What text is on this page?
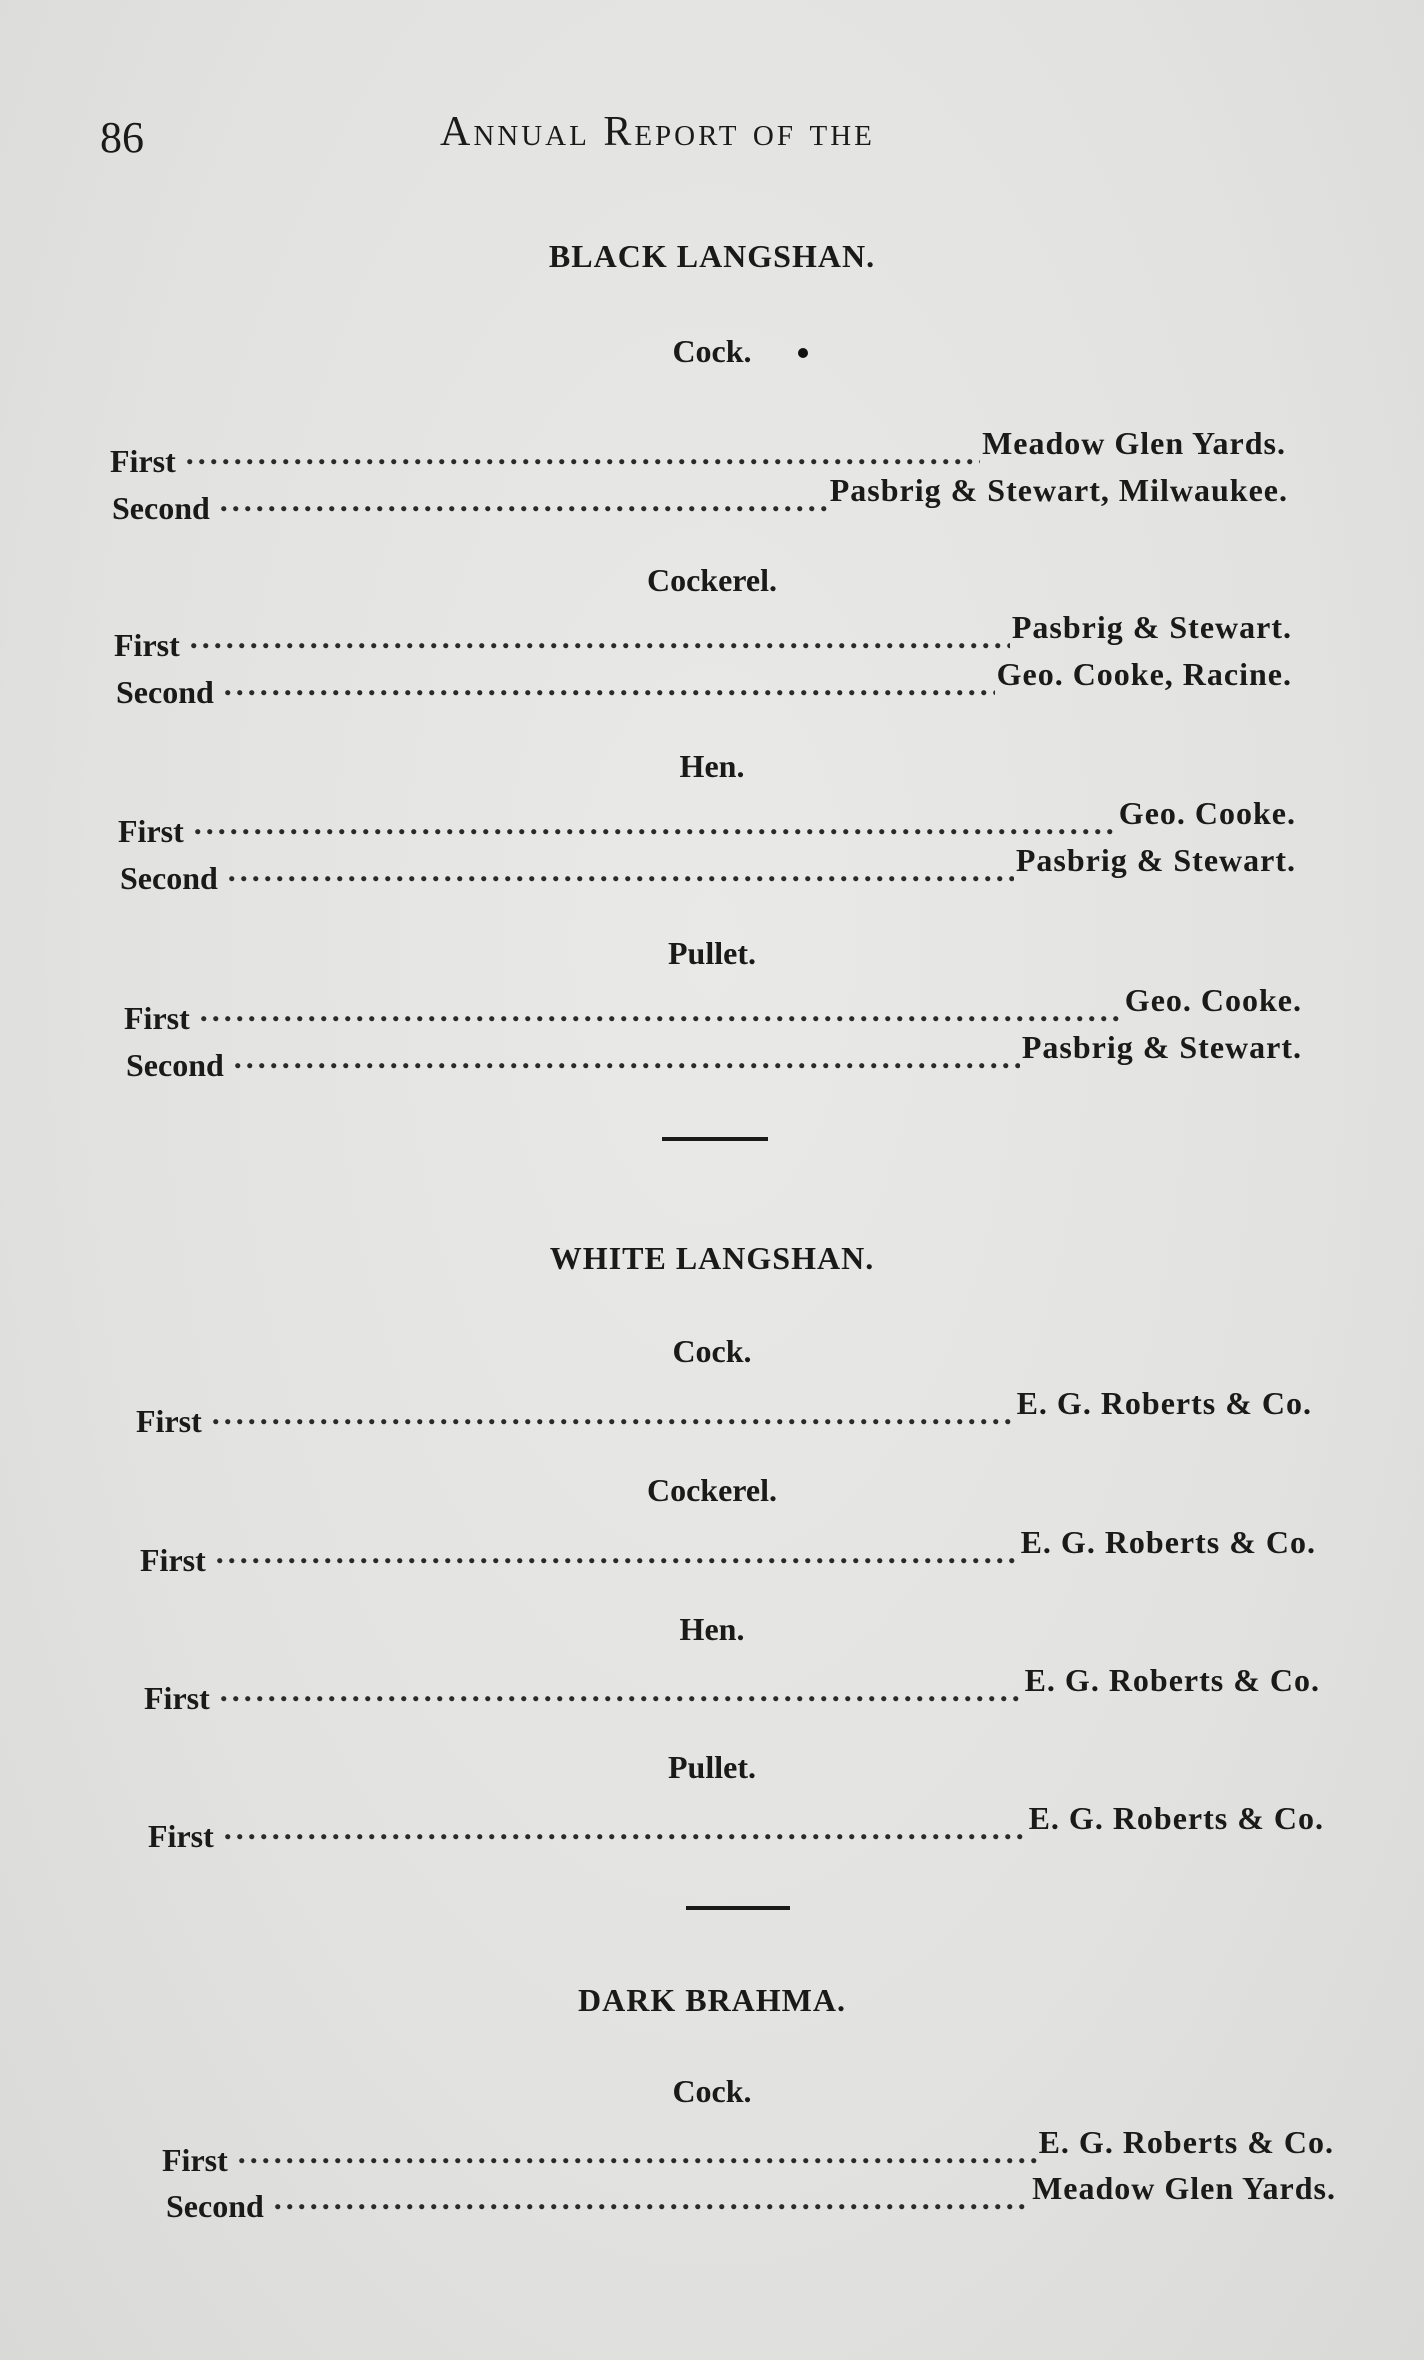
86	Annual Report of the
BLACK LANGSHAN.
Cock.
First .....	Meadow Glen Yards.
Second .....	Pasbrig & Stewart, Milwaukee.
Cockerel.
First .....	Pasbrig & Stewart.
Second .....	Geo. Cooke, Racine.
Hen.
First .....	Geo. Cooke.
Second .....	Pasbrig & Stewart.
Pullet.
First .....	Geo. Cooke.
Second .....	Pasbrig & Stewart.
WHITE LANGSHAN.
Cock.
First .....	E. G. Roberts & Co.
Cockerel.
First .....	E. G. Roberts & Co.
Hen.
First .....	E. G. Roberts & Co.
Pullet.
First .....	E. G. Roberts & Co.
DARK BRAHMA.
Cock.
First .....	E. G. Roberts & Co.
Second .....	Meadow Glen Yards.
